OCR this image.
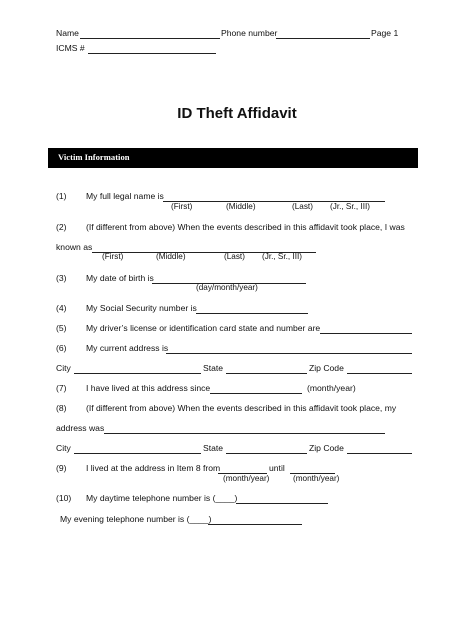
Name	Phone number	Page 1
ICMS #
ID Theft Affidavit
Victim Information
(1) My full legal name is
(First)	(Middle)	(Last) (Jr., Sr., III)
(2) (If different from above) When the events described in this affidavit took place, I was
known as
(First)	(Middle)	(Last) (Jr., Sr., III)
(3) My date of birth is
(day/month/year)
(4) My Social Security number is
(5) My driver’s license or identification card state and number are
(6) My current address is
City	State	Zip Code
(7) I have lived at this address since	(month/year)
(8) (If different from above) When the events described in this affidavit took place, my
address was
City	State	Zip Code
(9) I lived at the address in Item 8 from	until
(month/year)	(month/year)
(10) My daytime telephone number is (____)
My evening telephone number is (____)
